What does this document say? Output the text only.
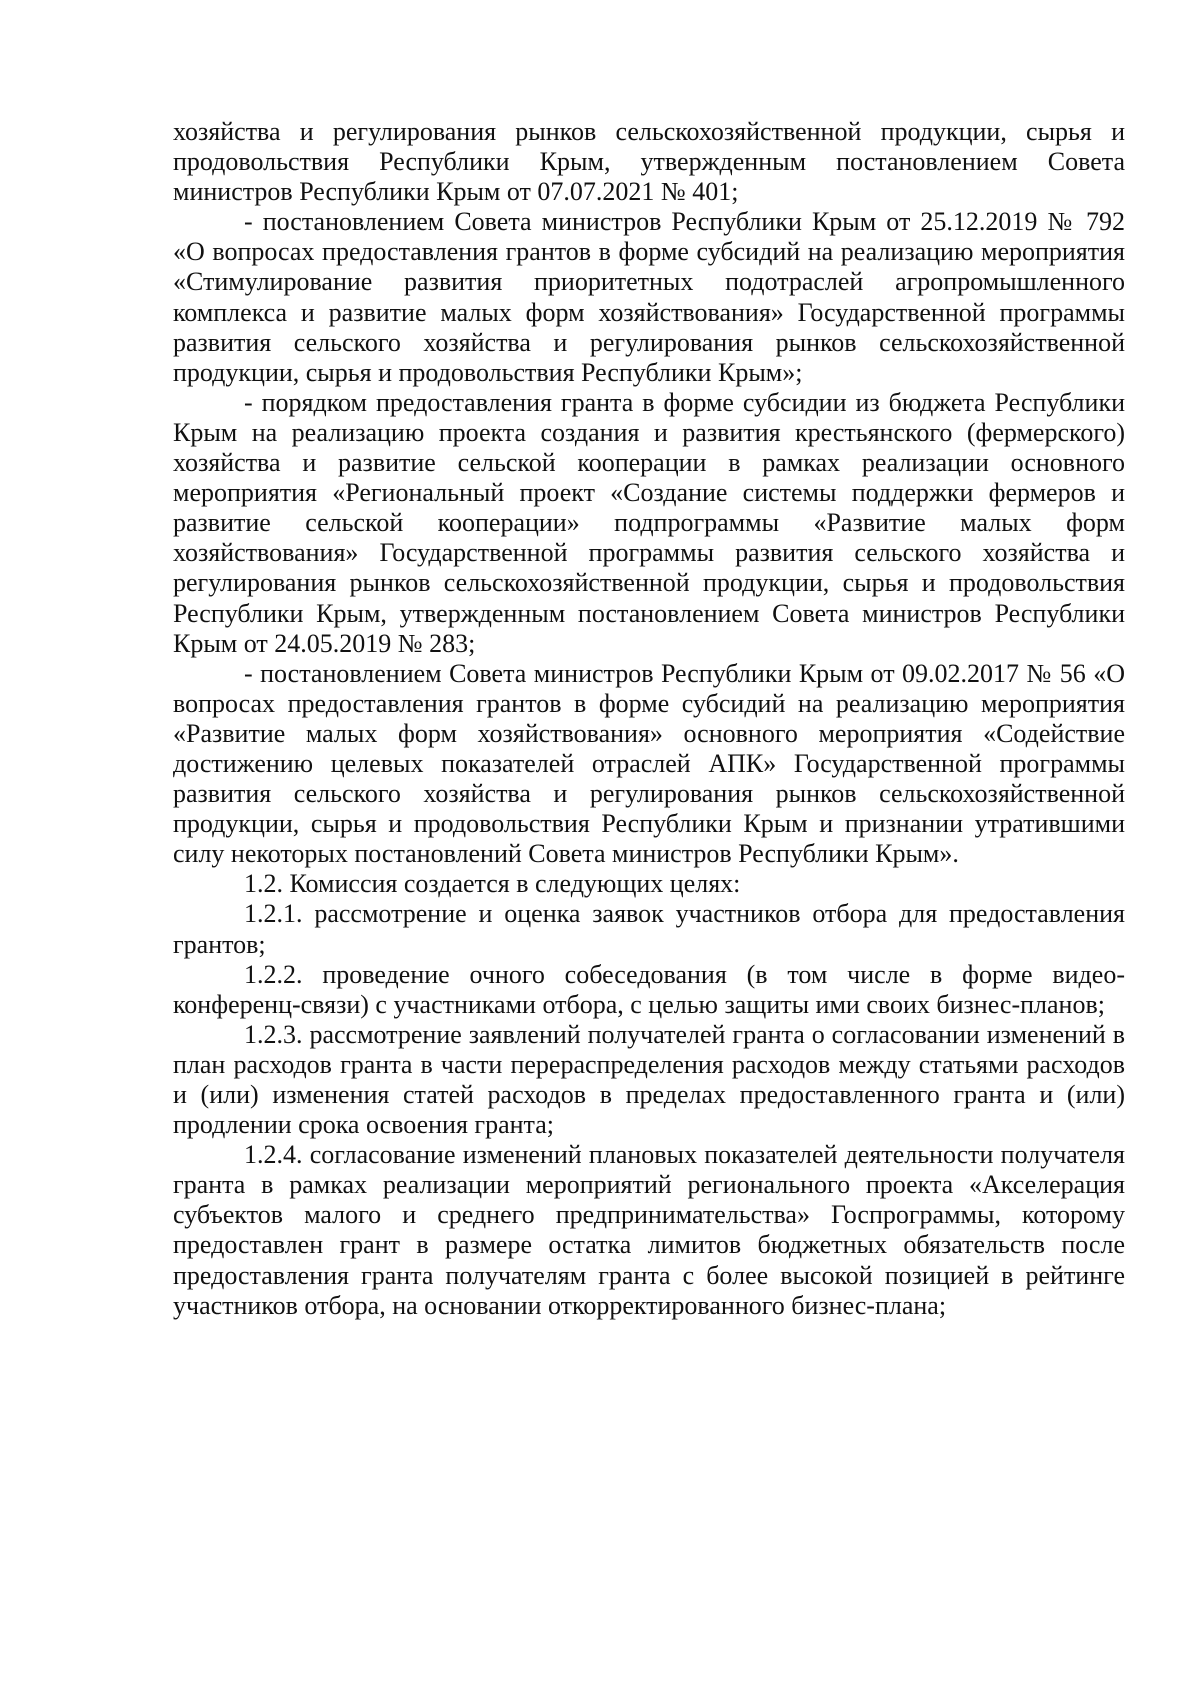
хозяйства и регулирования рынков сельскохозяйственной продукции, сырья и продовольствия Республики Крым, утвержденным постановлением Совета министров Республики Крым от 07.07.2021 № 401;

- постановлением Совета министров Республики Крым от 25.12.2019 № 792 «О вопросах предоставления грантов в форме субсидий на реализацию мероприятия «Стимулирование развития приоритетных подотраслей агропромышленного комплекса и развитие малых форм хозяйствования» Государственной программы развития сельского хозяйства и регулирования рынков сельскохозяйственной продукции, сырья и продовольствия Республики Крым»;

- порядком предоставления гранта в форме субсидии из бюджета Республики Крым на реализацию проекта создания и развития крестьянского (фермерского) хозяйства и развитие сельской кооперации в рамках реализации основного мероприятия «Региональный проект «Создание системы поддержки фермеров и развитие сельской кооперации» подпрограммы «Развитие малых форм хозяйствования» Государственной программы развития сельского хозяйства и регулирования рынков сельскохозяйственной продукции, сырья и продовольствия Республики Крым, утвержденным постановлением Совета министров Республики Крым от 24.05.2019 № 283;

- постановлением Совета министров Республики Крым от 09.02.2017 № 56 «О вопросах предоставления грантов в форме субсидий на реализацию мероприятия «Развитие малых форм хозяйствования» основного мероприятия «Содействие достижению целевых показателей отраслей АПК» Государственной программы развития сельского хозяйства и регулирования рынков сельскохозяйственной продукции, сырья и продовольствия Республики Крым и признании утратившими силу некоторых постановлений Совета министров Республики Крым».

1.2. Комиссия создается в следующих целях:

1.2.1. рассмотрение и оценка заявок участников отбора для предоставления грантов;

1.2.2. проведение очного собеседования (в том числе в форме видео-конференц-связи) с участниками отбора, с целью защиты ими своих бизнес-планов;

1.2.3. рассмотрение заявлений получателей гранта о согласовании изменений в план расходов гранта в части перераспределения расходов между статьями расходов и (или) изменения статей расходов в пределах предоставленного гранта и (или) продлении срока освоения гранта;

1.2.4. согласование изменений плановых показателей деятельности получателя гранта в рамках реализации мероприятий регионального проекта «Акселерация субъектов малого и среднего предпринимательства» Госпрограммы, которому предоставлен грант в размере остатка лимитов бюджетных обязательств после предоставления гранта получателям гранта с более высокой позицией в рейтинге участников отбора, на основании откорректированного бизнес-плана;
